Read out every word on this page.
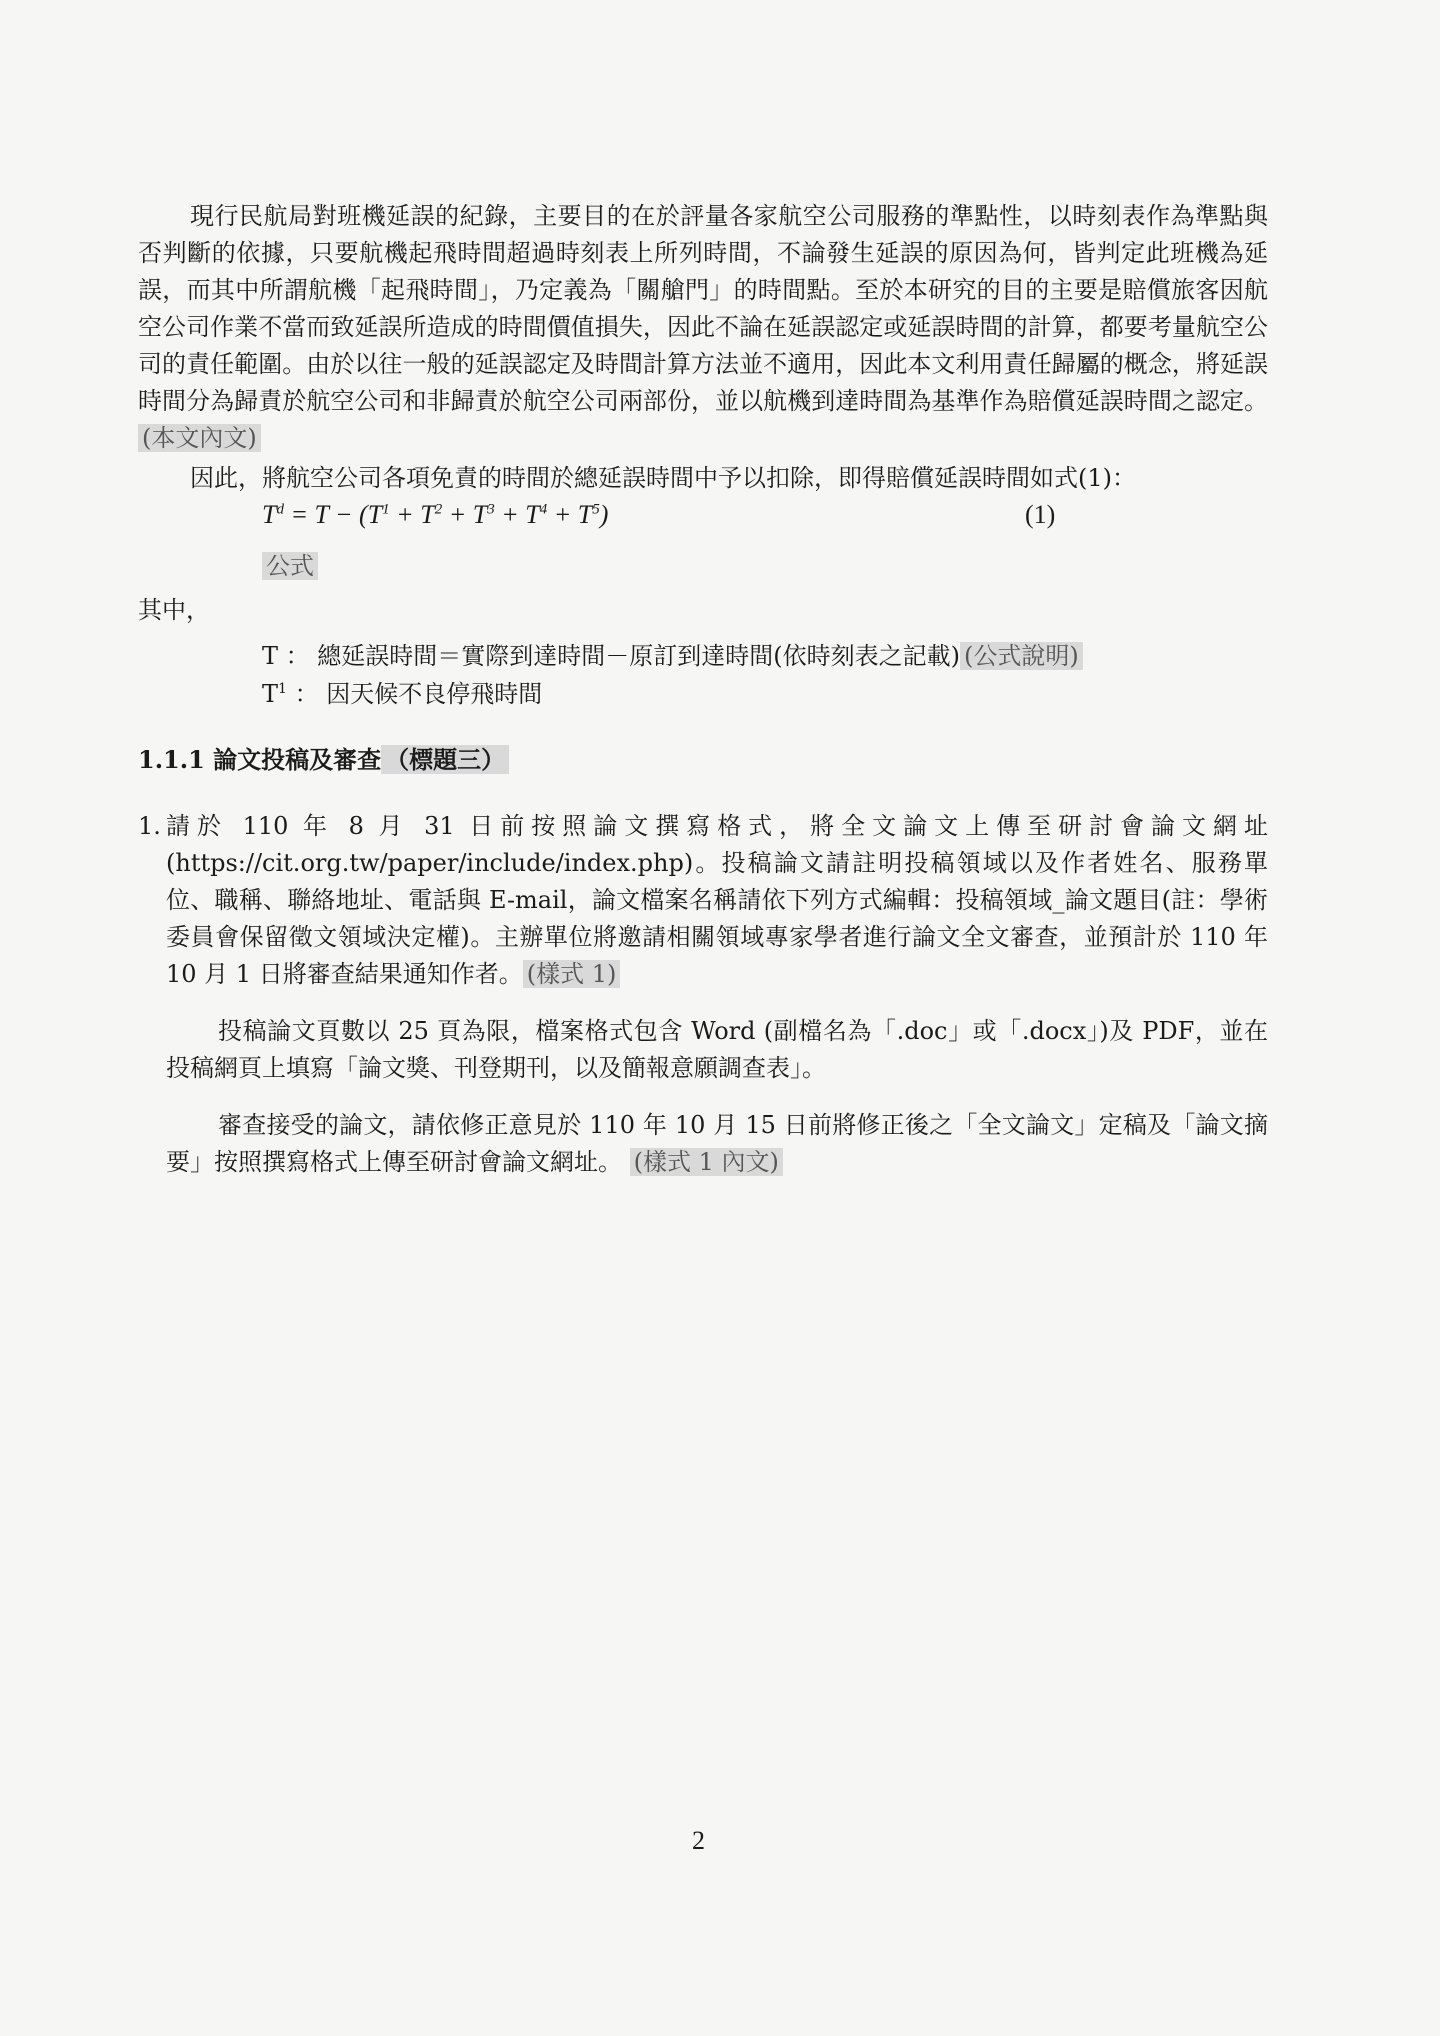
現行民航局對班機延誤的紀錄，主要目的在於評量各家航空公司服務的準點性，以時刻表作為準點與否判斷的依據，只要航機起飛時間超過時刻表上所列時間，不論發生延誤的原因為何，皆判定此班機為延誤，而其中所謂航機「起飛時間」，乃定義為「關艙門」的時間點。至於本研究的目的主要是賠償旅客因航空公司作業不當而致延誤所造成的時間價值損失，因此不論在延誤認定或延誤時間的計算，都要考量航空公司的責任範圍。由於以往一般的延誤認定及時間計算方法並不適用，因此本文利用責任歸屬的概念，將延誤時間分為歸責於航空公司和非歸責於航空公司兩部份，並以航機到達時間為基準作為賠償延誤時間之認定。 (本文內文)

因此，將航空公司各項免責的時間於總延誤時間中予以扣除，即得賠償延誤時間如式(1)：

$T^d = T - (T^1 + T^2 + T^3 + T^4 + T^5)$	(1)
公式
其中，
T ： 總延誤時間＝實際到達時間－原訂到達時間(依時刻表之記載) (公式說明)
$T^1$ ： 因天候不良停飛時間
1.1.1 論文投稿及審查 （標題三）
1. 請於 110 年 8 月 31 日前按照論文撰寫格式，將全文論文上傳至研討會論文網址(https://cit.org.tw/paper/include/index.php)。投稿論文請註明投稿領域以及作者姓名、服務單位、職稱、聯絡地址、電話與 E-mail，論文檔案名稱請依下列方式編輯：投稿領域_論文題目(註：學術委員會保留徵文領域決定權)。主辦單位將邀請相關領域專家學者進行論文全文審查，並預計於 110 年 10 月 1 日將審查結果通知作者。 (樣式 1)

投稿論文頁數以 25 頁為限，檔案格式包含 Word (副檔名為「.doc」或「.docx」)及 PDF，並在投稿網頁上填寫「論文獎、刊登期刊，以及簡報意願調查表」。

審查接受的論文，請依修正意見於 110 年 10 月 15 日前將修正後之「全文論文」定稿及「論文摘要」按照撰寫格式上傳至研討會論文網址。 (樣式 1 內文)

2
